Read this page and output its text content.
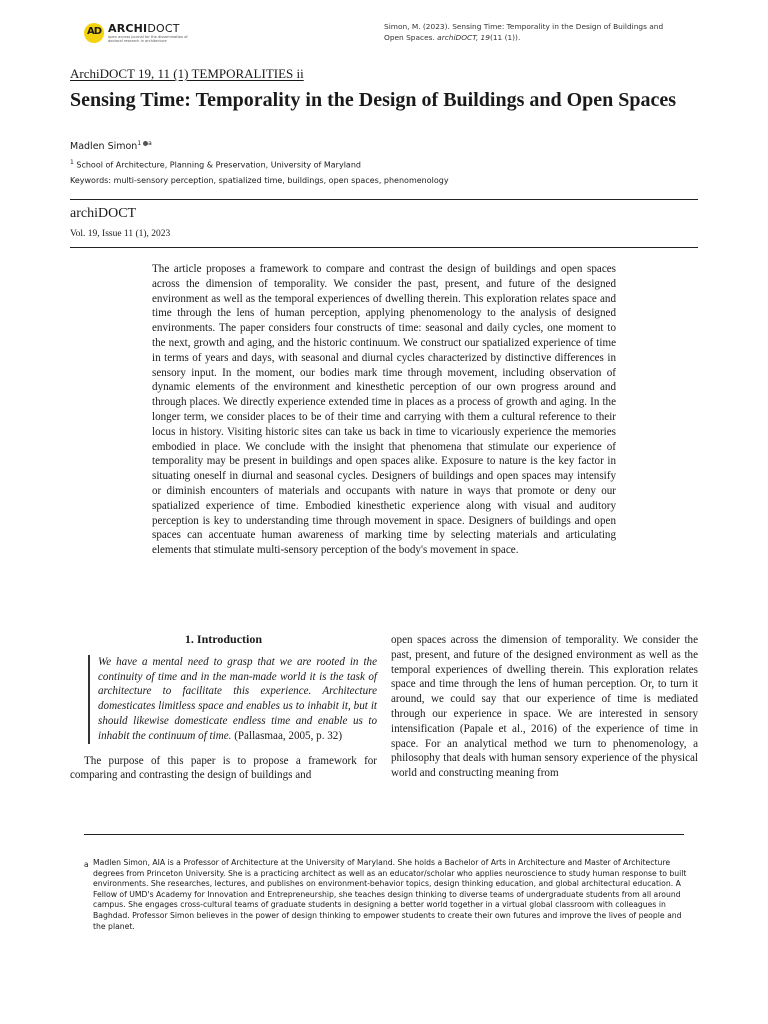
AD ARCHIDOCT
open access journal for the dissemination of doctoral research in architecture
Simon, M. (2023). Sensing Time: Temporality in the Design of Buildings and Open Spaces. archiDOCT, 19(11 (1)).
ArchiDOCT 19, 11 (1) TEMPORALITIES ii
Sensing Time: Temporality in the Design of Buildings and Open Spaces
Madlen Simon$^1$ $^a$
$^1$ School of Architecture, Planning & Preservation, University of Maryland
Keywords: multi-sensory perception, spatialized time, buildings, open spaces, phenomenology
archiDOCT
Vol. 19, Issue 11 (1), 2023
The article proposes a framework to compare and contrast the design of buildings and open spaces across the dimension of temporality. We consider the past, present, and future of the designed environment as well as the temporal experiences of dwelling therein. This exploration relates space and time through the lens of human perception, applying phenomenology to the analysis of designed environments. The paper considers four constructs of time: seasonal and daily cycles, one moment to the next, growth and aging, and the historic continuum. We construct our spatialized experience of time in terms of years and days, with seasonal and diurnal cycles characterized by distinctive differences in sensory input. In the moment, our bodies mark time through movement, including observation of dynamic elements of the environment and kinesthetic perception of our own progress around and through places. We directly experience extended time in places as a process of growth and aging. In the longer term, we consider places to be of their time and carrying with them a cultural reference to their locus in history. Visiting historic sites can take us back in time to vicariously experience the memories embodied in place. We conclude with the insight that phenomena that stimulate our experience of temporality may be present in buildings and open spaces alike. Exposure to nature is the key factor in situating oneself in diurnal and seasonal cycles. Designers of buildings and open spaces may intensify or diminish encounters of materials and occupants with nature in ways that promote or deny our spatialized experience of time. Embodied kinesthetic experience along with visual and auditory perception is key to understanding time through movement in space. Designers of buildings and open spaces can accentuate human awareness of marking time by selecting materials and articulating elements that stimulate multi-sensory perception of the body's movement in space.
1. Introduction
We have a mental need to grasp that we are rooted in the continuity of time and in the man-made world it is the task of architecture to facilitate this experience. Architecture domesticates limitless space and enables us to inhabit it, but it should likewise domesticate endless time and enable us to inhabit the continuum of time. (Pallasmaa, 2005, p. 32)

The purpose of this paper is to propose a framework for comparing and contrasting the design of buildings and

open spaces across the dimension of temporality. We consider the past, present, and future of the designed environment as well as the temporal experiences of dwelling therein. This exploration relates space and time through the lens of human perception. Or, to turn it around, we could say that our experience of time is mediated through our experience in space. We are interested in sensory intensification (Papale et al., 2016) of the experience of time in space. For an analytical method we turn to phenomenology, a philosophy that deals with human sensory experience of the physical world and constructing meaning from
a Madlen Simon, AIA is a Professor of Architecture at the University of Maryland. She holds a Bachelor of Arts in Architecture and Master of Architecture degrees from Princeton University. She is a practicing architect as well as an educator/scholar who applies neuroscience to study human response to built environments. She researches, lectures, and publishes on environment-behavior topics, design thinking education, and global architectural education. A Fellow of UMD's Academy for Innovation and Entrepreneurship, she teaches design thinking to diverse teams of undergraduate students from all around campus. She engages cross-cultural teams of graduate students in designing a better world together in a virtual global classroom with colleagues in Baghdad. Professor Simon believes in the power of design thinking to empower students to create their own futures and improve the lives of people and the planet.
